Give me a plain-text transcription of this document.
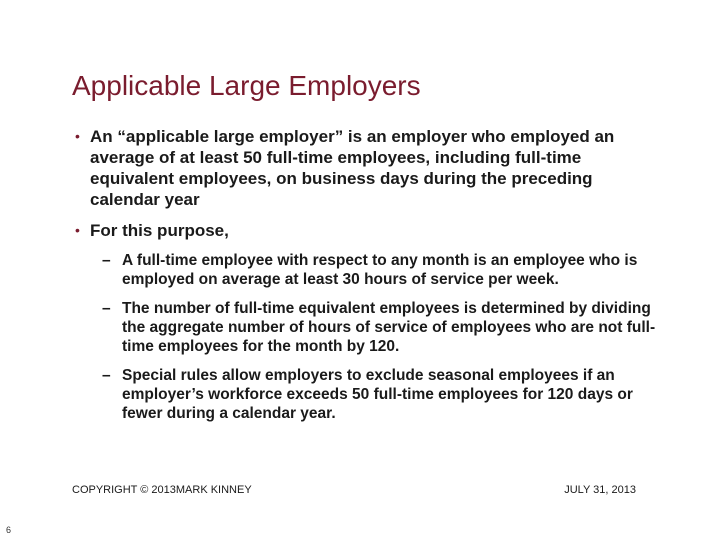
Applicable Large Employers
• An “applicable large employer” is an employer who employed an average of at least 50 full-time employees, including full-time equivalent employees, on business days during the preceding calendar year
• For this purpose,
– A full-time employee with respect to any month is an employee who is employed on average at least 30 hours of service per week.
– The number of full-time equivalent employees is determined by dividing the aggregate number of hours of service of employees who are not full-time employees for the month by 120.
– Special rules allow employers to exclude seasonal employees if an employer’s workforce exceeds 50 full-time employees for 120 days or fewer during a calendar year.
COPYRIGHT © 2013MARK KINNEY	JULY 31, 2013
6
